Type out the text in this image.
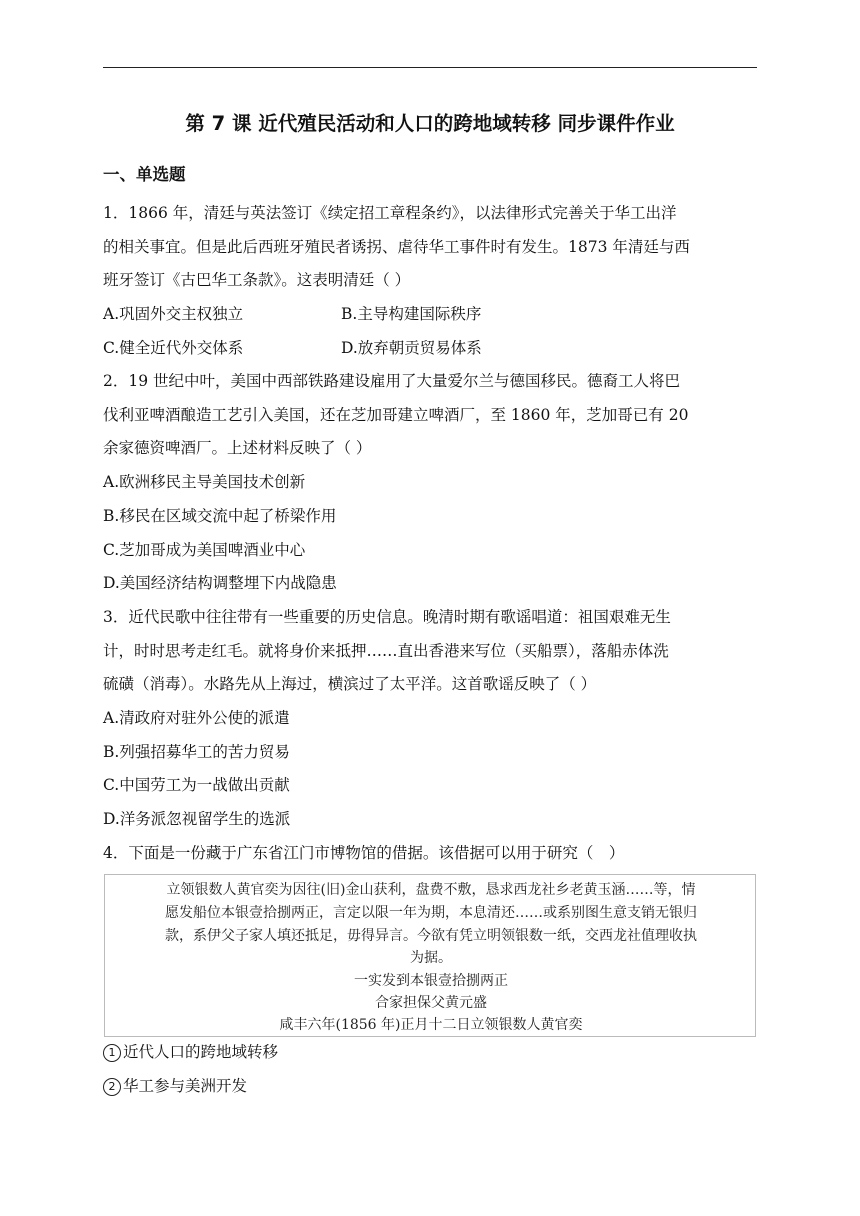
第 7 课 近代殖民活动和人口的跨地域转移 同步课件作业
一、单选题
1．1866 年，清廷与英法签订《续定招工章程条约》，以法律形式完善关于华工出洋
的相关事宜。但是此后西班牙殖民者诱拐、虐待华工事件时有发生。1873 年清廷与西
班牙签订《古巴华工条款》。这表明清廷（ ）
A.巩固外交主权独立	B.主导构建国际秩序
C.健全近代外交体系	D.放弃朝贡贸易体系
2．19 世纪中叶，美国中西部铁路建设雇用了大量爱尔兰与德国移民。德裔工人将巴
伐利亚啤酒酿造工艺引入美国，还在芝加哥建立啤酒厂，至 1860 年，芝加哥已有 20
余家德资啤酒厂。上述材料反映了（ ）
A.欧洲移民主导美国技术创新
B.移民在区域交流中起了桥梁作用
C.芝加哥成为美国啤酒业中心
D.美国经济结构调整埋下内战隐患
3．近代民歌中往往带有一些重要的历史信息。晚清时期有歌谣唱道：祖国艰难无生
计，时时思考走红毛。就将身价来抵押……直出香港来写位（买船票），落船赤体洗
硫磺（消毒）。水路先从上海过，横滨过了太平洋。这首歌谣反映了（ ）
A.清政府对驻外公使的派遣
B.列强招募华工的苦力贸易
C.中国劳工为一战做出贡献
D.洋务派忽视留学生的选派
4．下面是一份藏于广东省江门市博物馆的借据。该借据可以用于研究（　）
立领银数人黄官奕为因往(旧)金山获利，盘费不敷，恳求西龙社乡老黄玉涵……等，情
愿发船位本银壹拾捌两正，言定以限一年为期，本息清还……或系别图生意支销无银归
款，系伊父子家人填还抵足，毋得异言。今欲有凭立明领银数一纸，交西龙社值理收执
为据。
一实发到本银壹拾捌两正
合家担保父黄元盛
咸丰六年(1856 年)正月十二日立领银数人黄官奕
1 近代人口的跨地域转移
2 华工参与美洲开发
